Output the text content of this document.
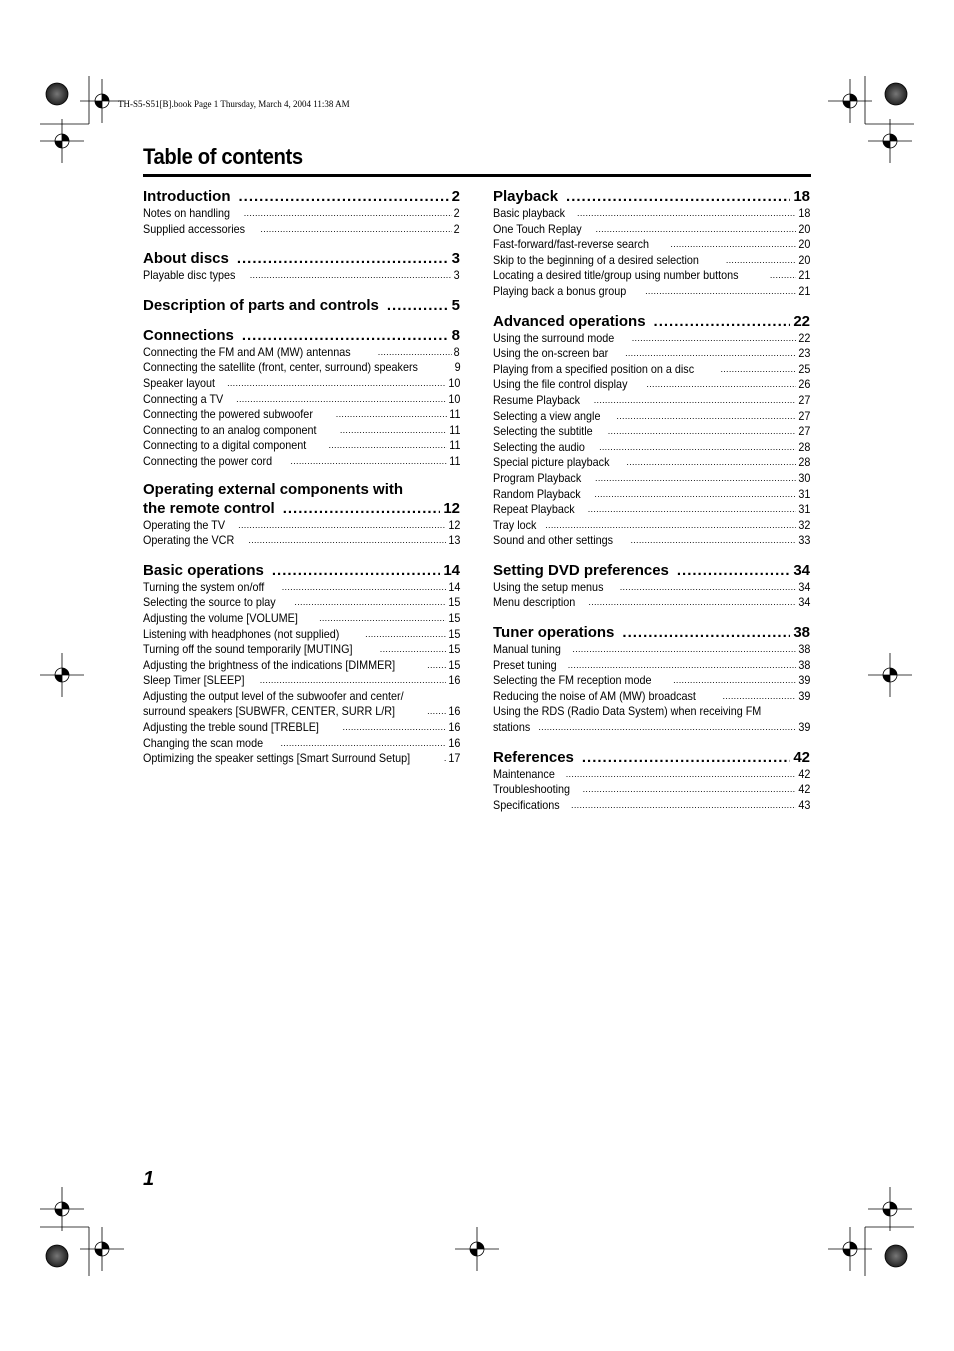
TH-S5-S51[B].book Page 1 Thursday, March 4, 2004 11:38 AM
Table of contents
Introduction .....	2
Notes on handling .....	2
Supplied accessories .....	2
About discs .....	3
Playable disc types .....	3
Description of parts and controls .....	5
Connections .....	8
Connecting the FM and AM (MW) antennas .....	8
Connecting the satellite (front, center, surround) speakers	9
Speaker layout .....	10
Connecting a TV .....	10
Connecting the powered subwoofer .....	11
Connecting to an analog component .....	11
Connecting to a digital component .....	11
Connecting the power cord .....	11
Operating external components with
the remote control .....	12
Operating the TV .....	12
Operating the VCR .....	13
Basic operations .....	14
Turning the system on/off .....	14
Selecting the source to play .....	15
Adjusting the volume [VOLUME] .....	15
Listening with headphones (not supplied) .....	15
Turning off the sound temporarily [MUTING] .....	15
Adjusting the brightness of the indications [DIMMER] .....	15
Sleep Timer [SLEEP] .....	16
Adjusting the output level of the subwoofer and center/
surround speakers [SUBWFR, CENTER, SURR L/R] .....	16
Adjusting the treble sound [TREBLE] .....	16
Changing the scan mode .....	16
Optimizing the speaker settings [Smart Surround Setup] .....	17
Playback .....	18
Basic playback .....	18
One Touch Replay .....	20
Fast-forward/fast-reverse search .....	20
Skip to the beginning of a desired selection .....	20
Locating a desired title/group using number buttons .....	21
Playing back a bonus group .....	21
Advanced operations .....	22
Using the surround mode .....	22
Using the on-screen bar .....	23
Playing from a specified position on a disc .....	25
Using the file control display .....	26
Resume Playback .....	27
Selecting a view angle .....	27
Selecting the subtitle .....	27
Selecting the audio .....	28
Special picture playback .....	28
Program Playback .....	30
Random Playback .....	31
Repeat Playback .....	31
Tray lock .....	32
Sound and other settings .....	33
Setting DVD preferences .....	34
Using the setup menus .....	34
Menu description .....	34
Tuner operations .....	38
Manual tuning .....	38
Preset tuning .....	38
Selecting the FM reception mode .....	39
Reducing the noise of AM (MW) broadcast .....	39
Using the RDS (Radio Data System) when receiving FM
stations .....	39
References .....	42
Maintenance .....	42
Troubleshooting .....	42
Specifications .....	43
1
